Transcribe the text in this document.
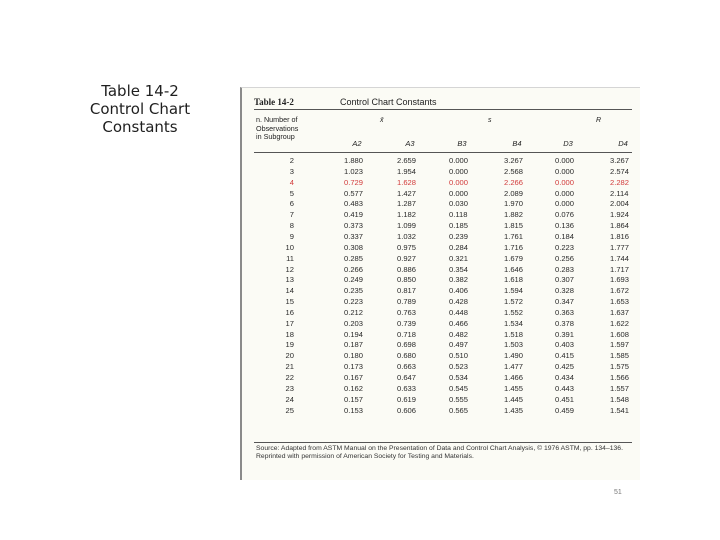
Table 14-2
Control Chart
Constants
Table 14-2	Control Chart Constants
n. Number of
Observations
in Subgroup
x̄	s	R
A2	A3	B3	B4	D3	D4
2	1.880	2.659	0.000	3.267	0.000	3.267
3	1.023	1.954	0.000	2.568	0.000	2.574
4	0.729	1.628	0.000	2.266	0.000	2.282
5	0.577	1.427	0.000	2.089	0.000	2.114
6	0.483	1.287	0.030	1.970	0.000	2.004
7	0.419	1.182	0.118	1.882	0.076	1.924
8	0.373	1.099	0.185	1.815	0.136	1.864
9	0.337	1.032	0.239	1.761	0.184	1.816
10	0.308	0.975	0.284	1.716	0.223	1.777
11	0.285	0.927	0.321	1.679	0.256	1.744
12	0.266	0.886	0.354	1.646	0.283	1.717
13	0.249	0.850	0.382	1.618	0.307	1.693
14	0.235	0.817	0.406	1.594	0.328	1.672
15	0.223	0.789	0.428	1.572	0.347	1.653
16	0.212	0.763	0.448	1.552	0.363	1.637
17	0.203	0.739	0.466	1.534	0.378	1.622
18	0.194	0.718	0.482	1.518	0.391	1.608
19	0.187	0.698	0.497	1.503	0.403	1.597
20	0.180	0.680	0.510	1.490	0.415	1.585
21	0.173	0.663	0.523	1.477	0.425	1.575
22	0.167	0.647	0.534	1.466	0.434	1.566
23	0.162	0.633	0.545	1.455	0.443	1.557
24	0.157	0.619	0.555	1.445	0.451	1.548
25	0.153	0.606	0.565	1.435	0.459	1.541
Source: Adapted from ASTM Manual on the Presentation of Data and Control Chart Analysis, © 1976 ASTM, pp. 134–136. Reprinted with permission of American Society for Testing and Materials.
51
